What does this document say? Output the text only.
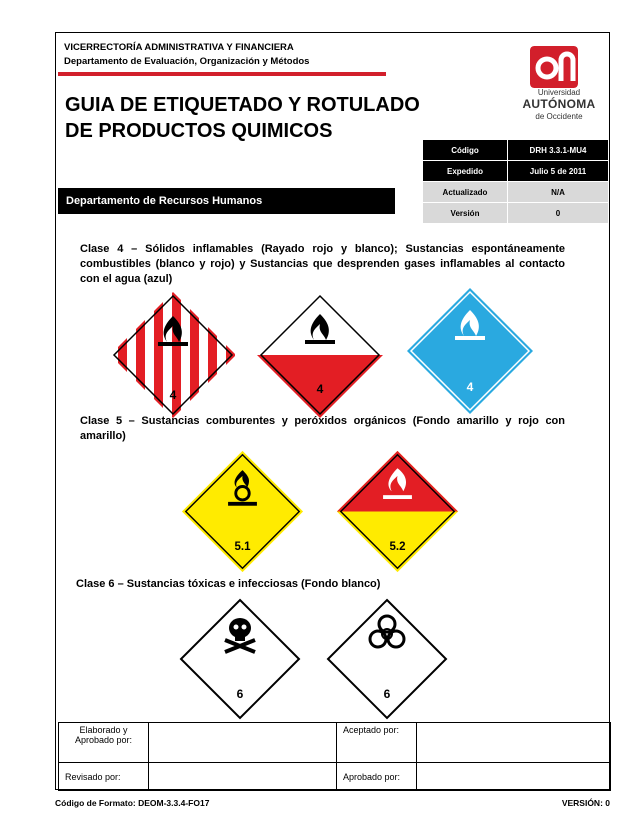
VICERRECTORÍA ADMINISTRATIVA Y FINANCIERA
Departamento de Evaluación, Organización y Métodos
GUIA DE ETIQUETADO Y ROTULADO
DE PRODUCTOS QUIMICOS
Universidad
AUTÓNOMA
de Occidente
Departamento de Recursos Humanos
Código	DRH 3.3.1-MU4
Expedido	Julio 5 de 2011
Actualizado	N/A
Versión	0
Clase 4 – Sólidos inflamables (Rayado rojo y blanco); Sustancias espontáneamente combustibles (blanco y rojo) y Sustancias que desprenden gases inflamables al contacto con el agua (azul)
4	4	4
Clase 5 – Sustancias comburentes y peróxidos orgánicos (Fondo amarillo y rojo con amarillo)
5.1	5.2
Clase 6 – Sustancias tóxicas e infecciosas (Fondo blanco)
6	6
Elaborado y Aprobado por:		Aceptado por:	
Revisado por:		Aprobado por:	
Código de Formato: DEOM-3.3.4-FO17	VERSIÓN: 0
